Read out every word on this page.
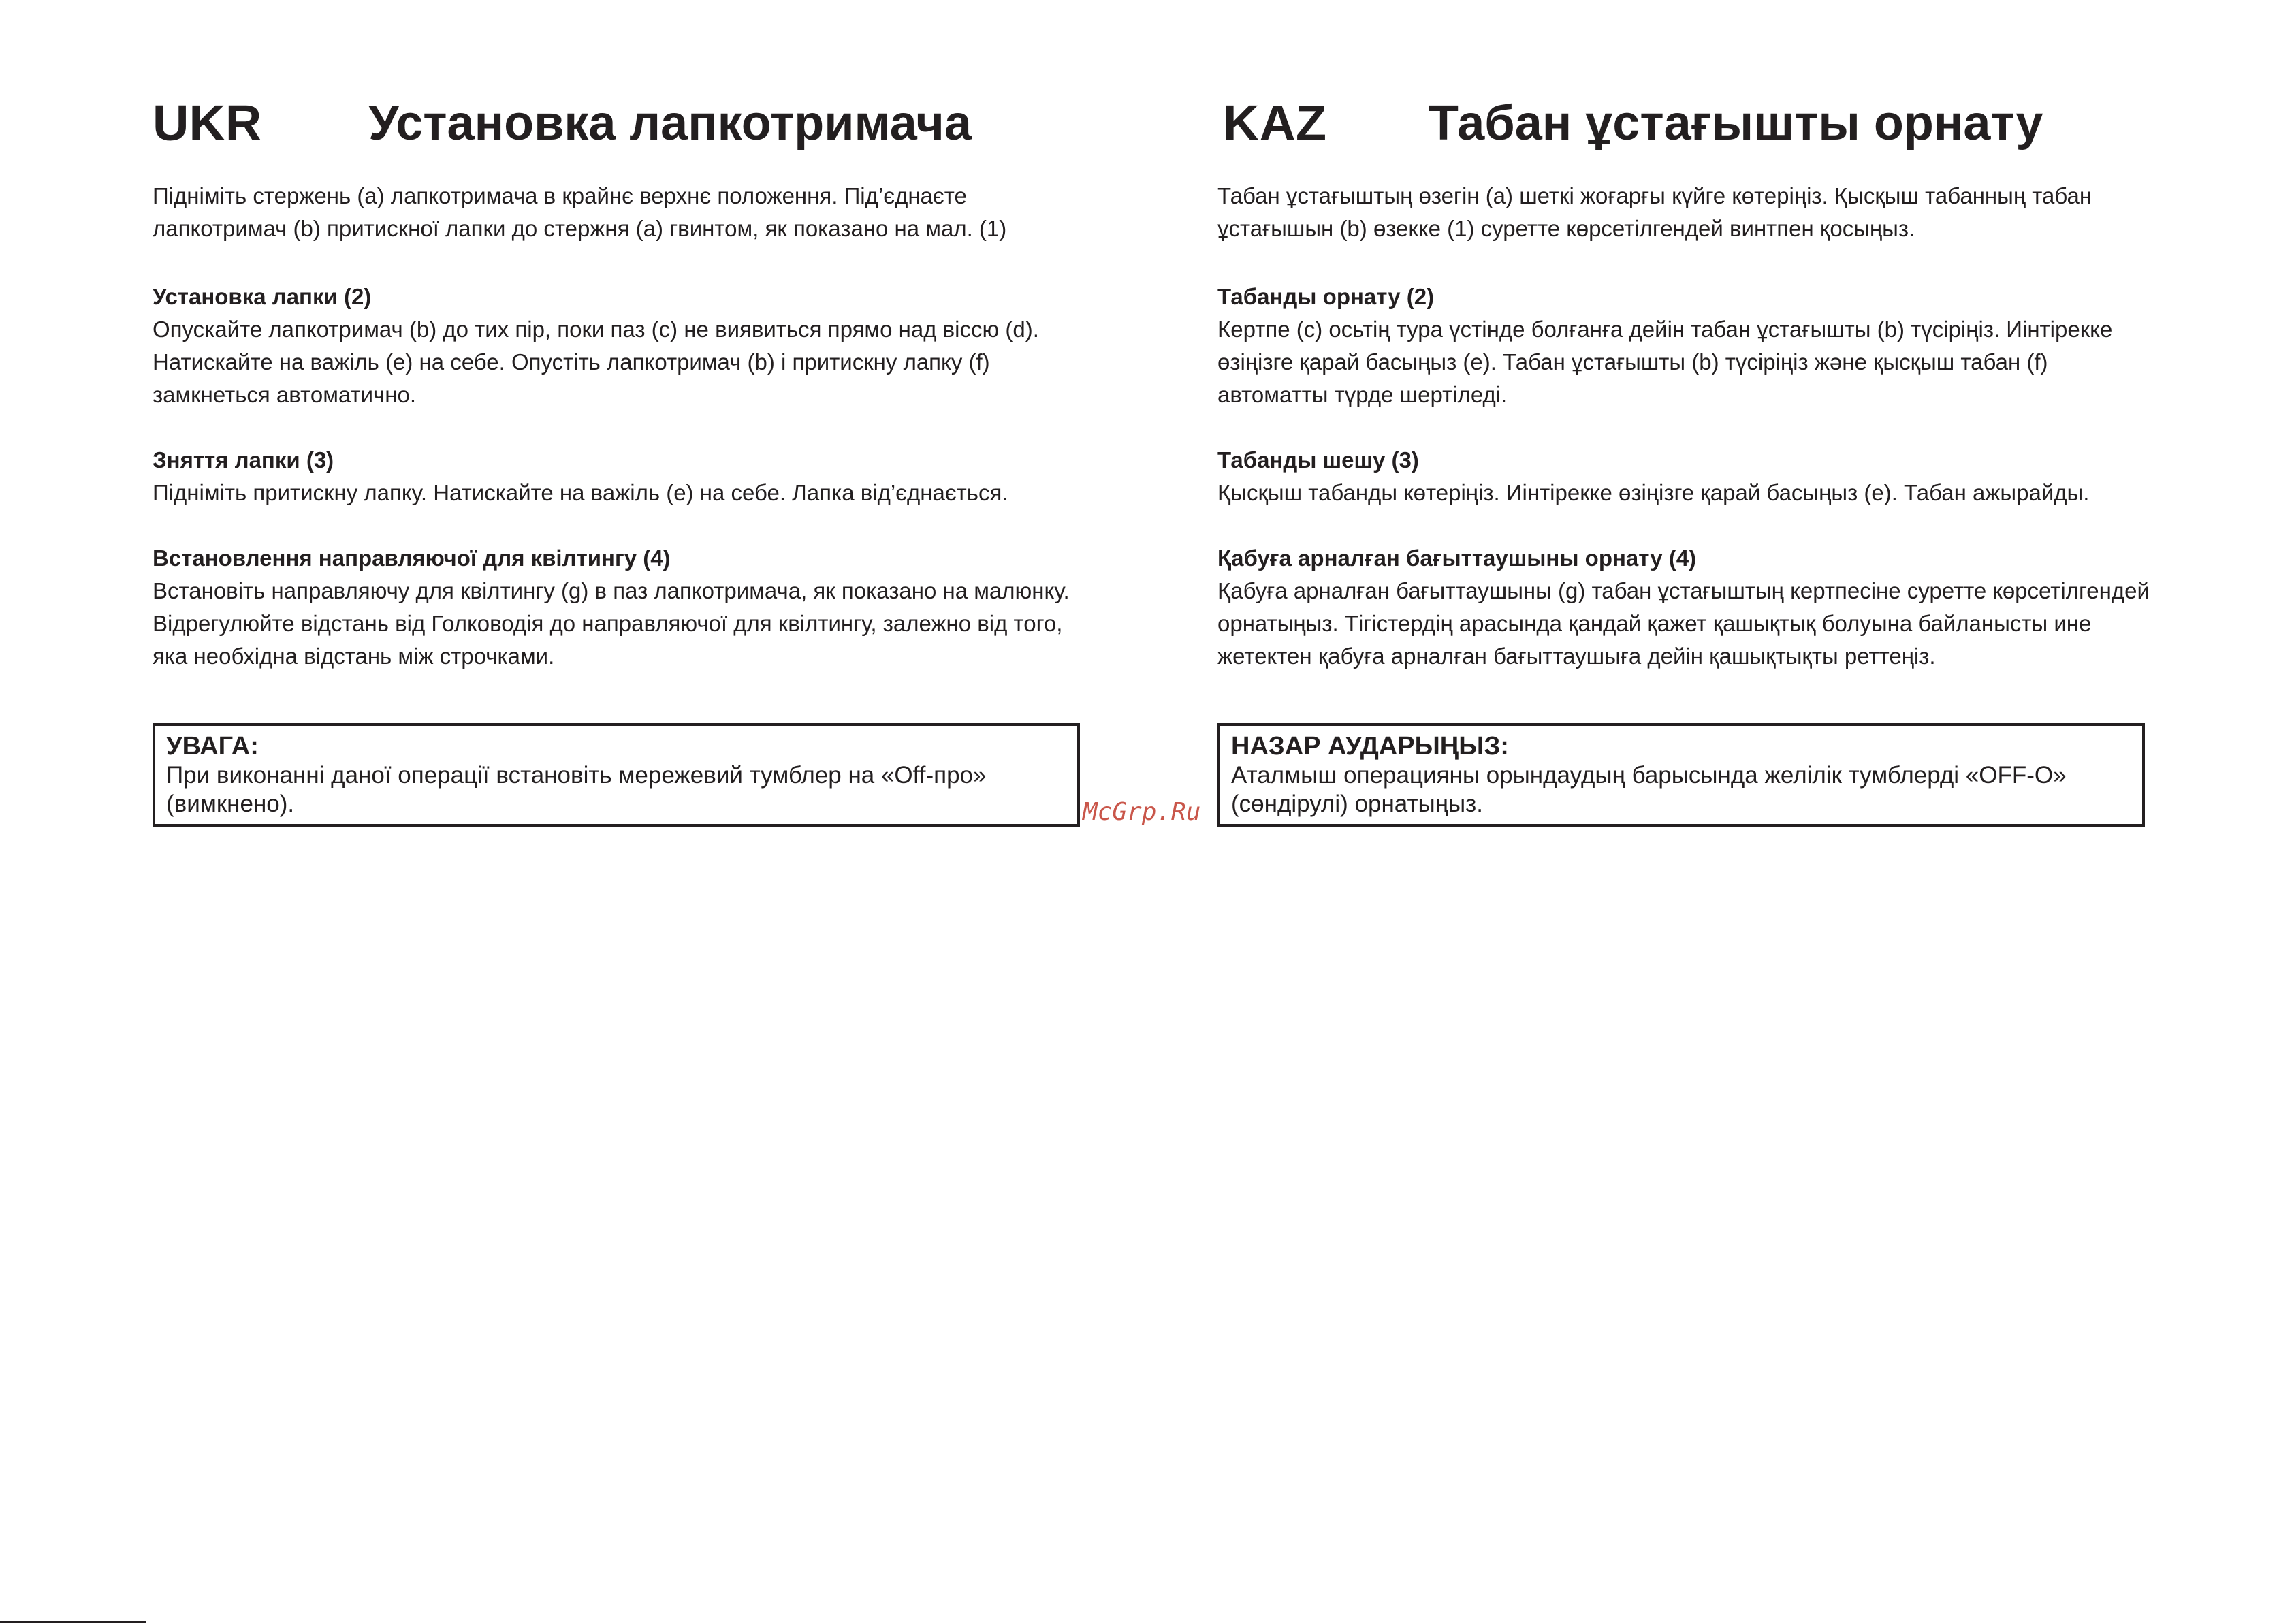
UKR Установка лапкотримача

Підніміть стержень (a) лапкотримача в крайнє верхнє положення. Під’єднаєте лапкотримач (b) притискної лапки до стержня (a) гвинтом, як показано на мал. (1)

Установка лапки (2)

Опускайте лапкотримач (b) до тих пір, поки паз (c) не виявиться прямо над віссю (d). Натискайте на важіль (e) на себе. Опустіть лапкотримач (b) і притискну лапку (f) замкнеться автоматично.

Зняття лапки (3)

Підніміть притискну лапку. Натискайте на важіль (e) на себе. Лапка від’єднається.

Встановлення направляючої для квілтингу (4)

Встановіть направляючу для квілтингу (g) в паз лапкотримача, як показано на малюнку. Відрегулюйте відстань від Голководія до направляючої для квілтингу, залежно від того, яка необхідна відстань між строчками.

УВАГА:

При виконанні даної операції встановіть мережевий тумблер на «Off-про» (вимкнено).

KAZ Табан ұстағышты орнату

Табан ұстағыштың өзегін (a) шеткі жоғарғы күйге көтеріңіз. Қысқыш табанның табан ұстағышын (b) өзекке (1) суретте көрсетілгендей винтпен қосыңыз.

Табанды орнату (2)

Кертпе (c) осьтің тура үстінде болғанға дейін табан ұстағышты (b) түсіріңіз. Иінтірекке өзіңізге қарай басыңыз (e). Табан ұстағышты (b) түсіріңіз және қысқыш табан (f) автоматты түрде шертіледі.

Табанды шешу (3)

Қысқыш табанды көтеріңіз. Иінтірекке өзіңізге қарай басыңыз (e). Табан ажырайды.

Қабуға арналған бағыттаушыны орнату (4)

Қабуға арналған бағыттаушыны (g) табан ұстағыштың кертпесіне суретте көрсетілгендей орнатыңыз. Тігістердің арасында қандай қажет қашықтық болуына байланысты ине жетектен қабуға арналған бағыттаушыға дейін қашықтықты реттеңіз.

НАЗАР АУДАРЫҢЫЗ:

Аталмыш операцияны орындаудың барысында желілік тумблерді «OFF-O» (сөндірулі) орнатыңыз.

McGrp.Ru
